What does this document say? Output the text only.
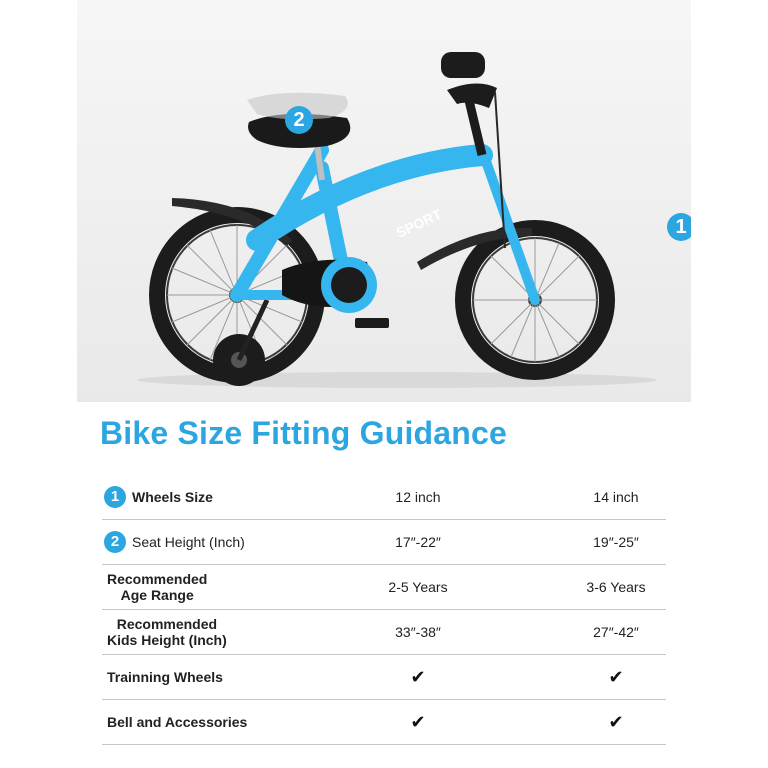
SPORT
2
1
Bike Size Fitting Guidance
1 Wheels Size	12 inch	14 inch
2 Seat Height (Inch)	17″-22″	19″-25″
Recommended
Age Range	2-5 Years	3-6 Years
Recommended
Kids Height (Inch)	33″-38″	27″-42″
Trainning Wheels	✔	✔
Bell and Accessories	✔	✔
